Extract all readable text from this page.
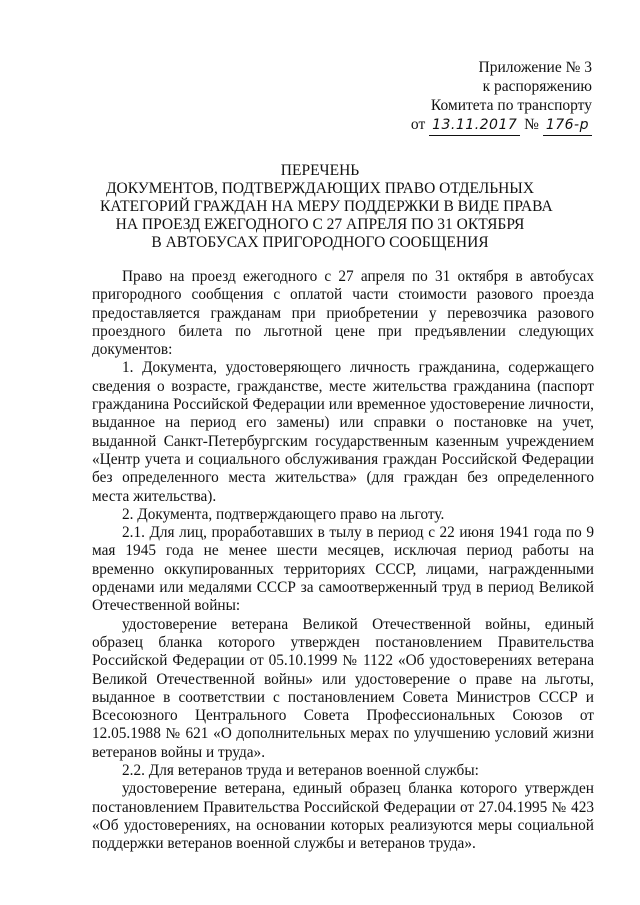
Приложение № 3
к распоряжению
Комитета по транспорту
от
13.11.2017
№
176-р
ПЕРЕЧЕНЬ
ДОКУМЕНТОВ, ПОДТВЕРЖДАЮЩИХ ПРАВО ОТДЕЛЬНЫХ
КАТЕГОРИЙ ГРАЖДАН НА МЕРУ ПОДДЕРЖКИ В ВИДЕ ПРАВА
НА ПРОЕЗД ЕЖЕГОДНОГО С 27 АПРЕЛЯ ПО 31 ОКТЯБРЯ
В АВТОБУСАХ ПРИГОРОДНОГО СООБЩЕНИЯ

Право на проезд ежегодного с 27 апреля по 31 октября в автобусах пригородного сообщения с оплатой части стоимости разового проезда предоставляется гражданам при приобретении у перевозчика разового проездного билета по льготной цене при предъявлении следующих документов:

1. Документа, удостоверяющего личность гражданина, содержащего сведения о возрасте, гражданстве, месте жительства гражданина (паспорт гражданина Российской Федерации или временное удостоверение личности, выданное на период его замены) или справки о постановке на учет, выданной Санкт-Петербургским государственным казенным учреждением «Центр учета и социального обслуживания граждан Российской Федерации без определенного места жительства» (для граждан без определенного места жительства).

2. Документа, подтверждающего право на льготу.

2.1. Для лиц, проработавших в тылу в период с 22 июня 1941 года по 9 мая 1945 года не менее шести месяцев, исключая период работы на временно оккупированных территориях СССР, лицами, награжденными орденами или медалями СССР за самоотверженный труд в период Великой Отечественной войны:

удостоверение ветерана Великой Отечественной войны, единый образец бланка которого утвержден постановлением Правительства Российской Федерации от 05.10.1999 № 1122 «Об удостоверениях ветерана Великой Отечественной войны» или удостоверение о праве на льготы, выданное в соответствии с постановлением Совета Министров СССР и Всесоюзного Центрального Совета Профессиональных Союзов от 12.05.1988 № 621 «О дополнительных мерах по улучшению условий жизни ветеранов войны и труда».

2.2. Для ветеранов труда и ветеранов военной службы:

удостоверение ветерана, единый образец бланка которого утвержден постановлением Правительства Российской Федерации от 27.04.1995 № 423 «Об удостоверениях, на основании которых реализуются меры социальной поддержки ветеранов военной службы и ветеранов труда».
